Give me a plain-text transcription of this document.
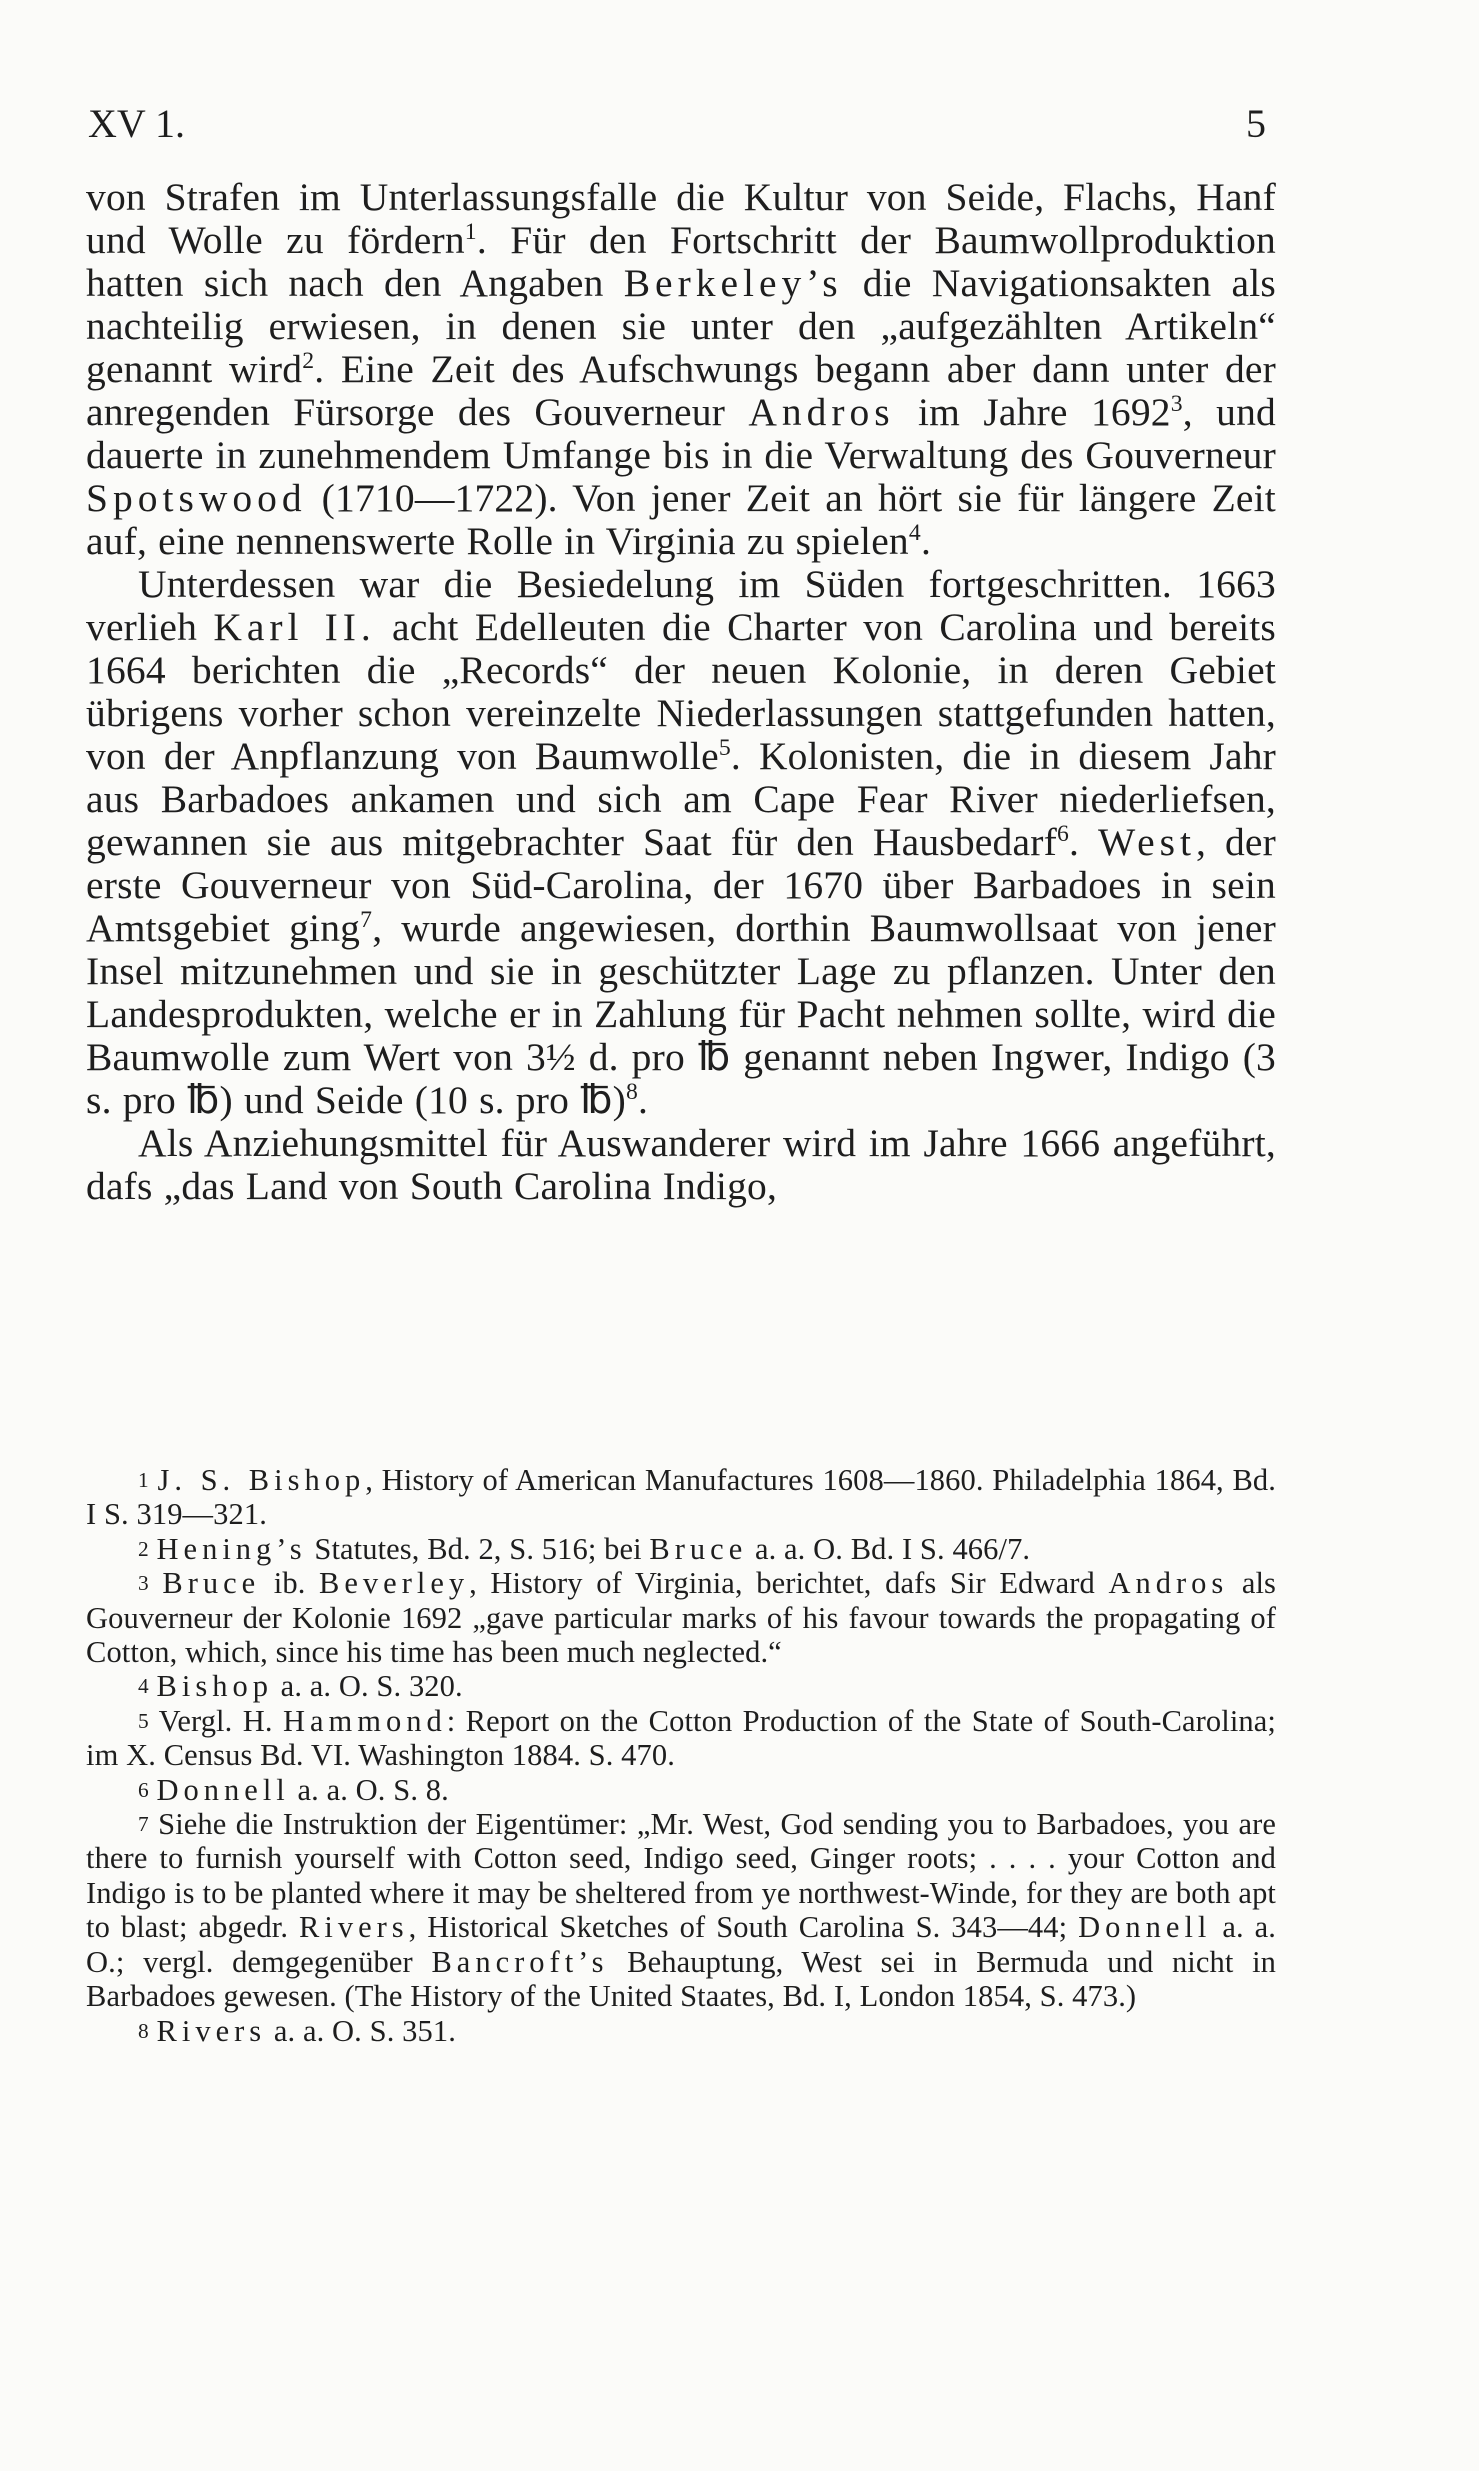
XV 1.	5

von Strafen im Unterlassungsfalle die Kultur von Seide, Flachs, Hanf und Wolle zu fördern$^1$. Für den Fortschritt der Baumwollproduktion hatten sich nach den Angaben Berkeley’s die Navigationsakten als nachteilig erwiesen, in denen sie unter den „aufgezählten Artikeln“ genannt wird$^2$. Eine Zeit des Aufschwungs begann aber dann unter der anregenden Fürsorge des Gouverneur Andros im Jahre 1692$^3$, und dauerte in zunehmendem Umfange bis in die Verwaltung des Gouverneur Spotswood (1710—1722). Von jener Zeit an hört sie für längere Zeit auf, eine nennenswerte Rolle in Virginia zu spielen$^4$.

Unterdessen war die Besiedelung im Süden fortgeschritten. 1663 verlieh Karl II. acht Edelleuten die Charter von Carolina und bereits 1664 berichten die „Records“ der neuen Kolonie, in deren Gebiet übrigens vorher schon vereinzelte Niederlassungen stattgefunden hatten, von der Anpflanzung von Baumwolle$^5$. Kolonisten, die in diesem Jahr aus Barbadoes ankamen und sich am Cape Fear River niederliefsen, gewannen sie aus mitgebrachter Saat für den Hausbedarf$^6$. West, der erste Gouverneur von Süd-Carolina, der 1670 über Barbadoes in sein Amtsgebiet ging$^7$, wurde angewiesen, dorthin Baumwollsaat von jener Insel mitzunehmen und sie in geschützter Lage zu pflanzen. Unter den Landesprodukten, welche er in Zahlung für Pacht nehmen sollte, wird die Baumwolle zum Wert von 3½ d. pro ℔ genannt neben Ingwer, Indigo (3 s. pro ℔) und Seide (10 s. pro ℔)$^8$.

Als Anziehungsmittel für Auswanderer wird im Jahre 1666 angeführt, dafs „das Land von South Carolina Indigo,

$^1$ J. S. Bishop, History of American Manufactures 1608—1860. Philadelphia 1864, Bd. I S. 319—321.

$^2$ Hening’s Statutes, Bd. 2, S. 516; bei Bruce a. a. O. Bd. I S. 466/7.

$^3$ Bruce ib. Beverley, History of Virginia, berichtet, dafs Sir Edward Andros als Gouverneur der Kolonie 1692 „gave particular marks of his favour towards the propagating of Cotton, which, since his time has been much neglected.“

$^4$ Bishop a. a. O. S. 320.

$^5$ Vergl. H. Hammond: Report on the Cotton Production of the State of South-Carolina; im X. Census Bd. VI. Washington 1884. S. 470.

$^6$ Donnell a. a. O. S. 8.

$^7$ Siehe die Instruktion der Eigentümer: „Mr. West, God sending you to Barbadoes, you are there to furnish yourself with Cotton seed, Indigo seed, Ginger roots; . . . . your Cotton and Indigo is to be planted where it may be sheltered from ye northwest-Winde, for they are both apt to blast; abgedr. Rivers, Historical Sketches of South Carolina S. 343—44; Donnell a. a. O.; vergl. demgegenüber Bancroft’s Behauptung, West sei in Bermuda und nicht in Barbadoes gewesen. (The History of the United Staates, Bd. I, London 1854, S. 473.)

$^8$ Rivers a. a. O. S. 351.
